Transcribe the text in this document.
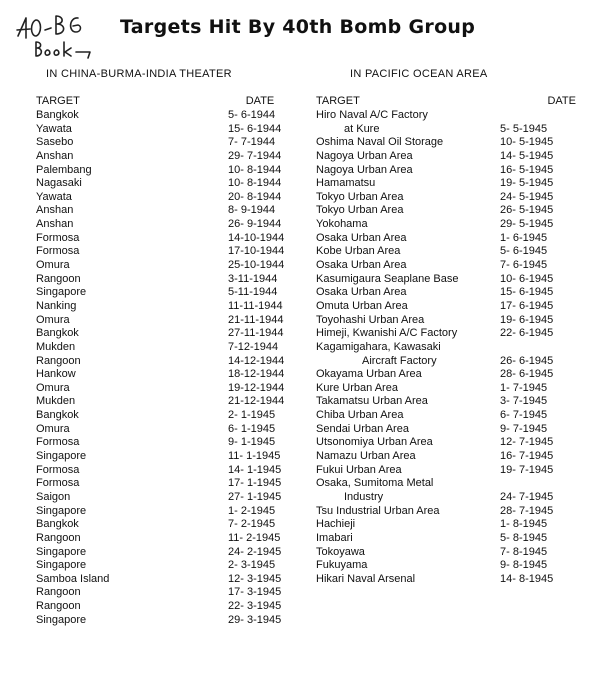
Targets Hit By 40th Bomb Group
IN CHINA-BURMA-INDIA THEATER
TARGET	DATE
Bangkok	5- 6-1944
Yawata	15- 6-1944
Sasebo	7- 7-1944
Anshan	29- 7-1944
Palembang	10- 8-1944
Nagasaki	10- 8-1944
Yawata	20- 8-1944
Anshan	8- 9-1944
Anshan	26- 9-1944
Formosa	14-10-1944
Formosa	17-10-1944
Omura	25-10-1944
Rangoon	3-11-1944
Singapore	5-11-1944
Nanking	11-11-1944
Omura	21-11-1944
Bangkok	27-11-1944
Mukden	7-12-1944
Rangoon	14-12-1944
Hankow	18-12-1944
Omura	19-12-1944
Mukden	21-12-1944
Bangkok	2- 1-1945
Omura	6- 1-1945
Formosa	9- 1-1945
Singapore	11- 1-1945
Formosa	14- 1-1945
Formosa	17- 1-1945
Saigon	27- 1-1945
Singapore	1- 2-1945
Bangkok	7- 2-1945
Rangoon	11- 2-1945
Singapore	24- 2-1945
Singapore	2- 3-1945
Samboa Island	12- 3-1945
Rangoon	17- 3-1945
Rangoon	22- 3-1945
Singapore	29- 3-1945
IN PACIFIC OCEAN AREA
TARGET	DATE
Hiro Naval A/C Factory
at Kure	5- 5-1945
Oshima Naval Oil Storage	10- 5-1945
Nagoya Urban Area	14- 5-1945
Nagoya Urban Area	16- 5-1945
Hamamatsu	19- 5-1945
Tokyo Urban Area	24- 5-1945
Tokyo Urban Area	26- 5-1945
Yokohama	29- 5-1945
Osaka Urban Area	1- 6-1945
Kobe Urban Area	5- 6-1945
Osaka Urban Area	7- 6-1945
Kasumigaura Seaplane Base	10- 6-1945
Osaka Urban Area	15- 6-1945
Omuta Urban Area	17- 6-1945
Toyohashi Urban Area	19- 6-1945
Himeji, Kwanishi A/C Factory	22- 6-1945
Kagamigahara, Kawasaki
Aircraft Factory	26- 6-1945
Okayama Urban Area	28- 6-1945
Kure Urban Area	1- 7-1945
Takamatsu Urban Area	3- 7-1945
Chiba Urban Area	6- 7-1945
Sendai Urban Area	9- 7-1945
Utsonomiya Urban Area	12- 7-1945
Namazu Urban Area	16- 7-1945
Fukui Urban Area	19- 7-1945
Osaka, Sumitoma Metal
Industry	24- 7-1945
Tsu Industrial Urban Area	28- 7-1945
Hachieji	1- 8-1945
Imabari	5- 8-1945
Tokoyawa	7- 8-1945
Fukuyama	9- 8-1945
Hikari Naval Arsenal	14- 8-1945
